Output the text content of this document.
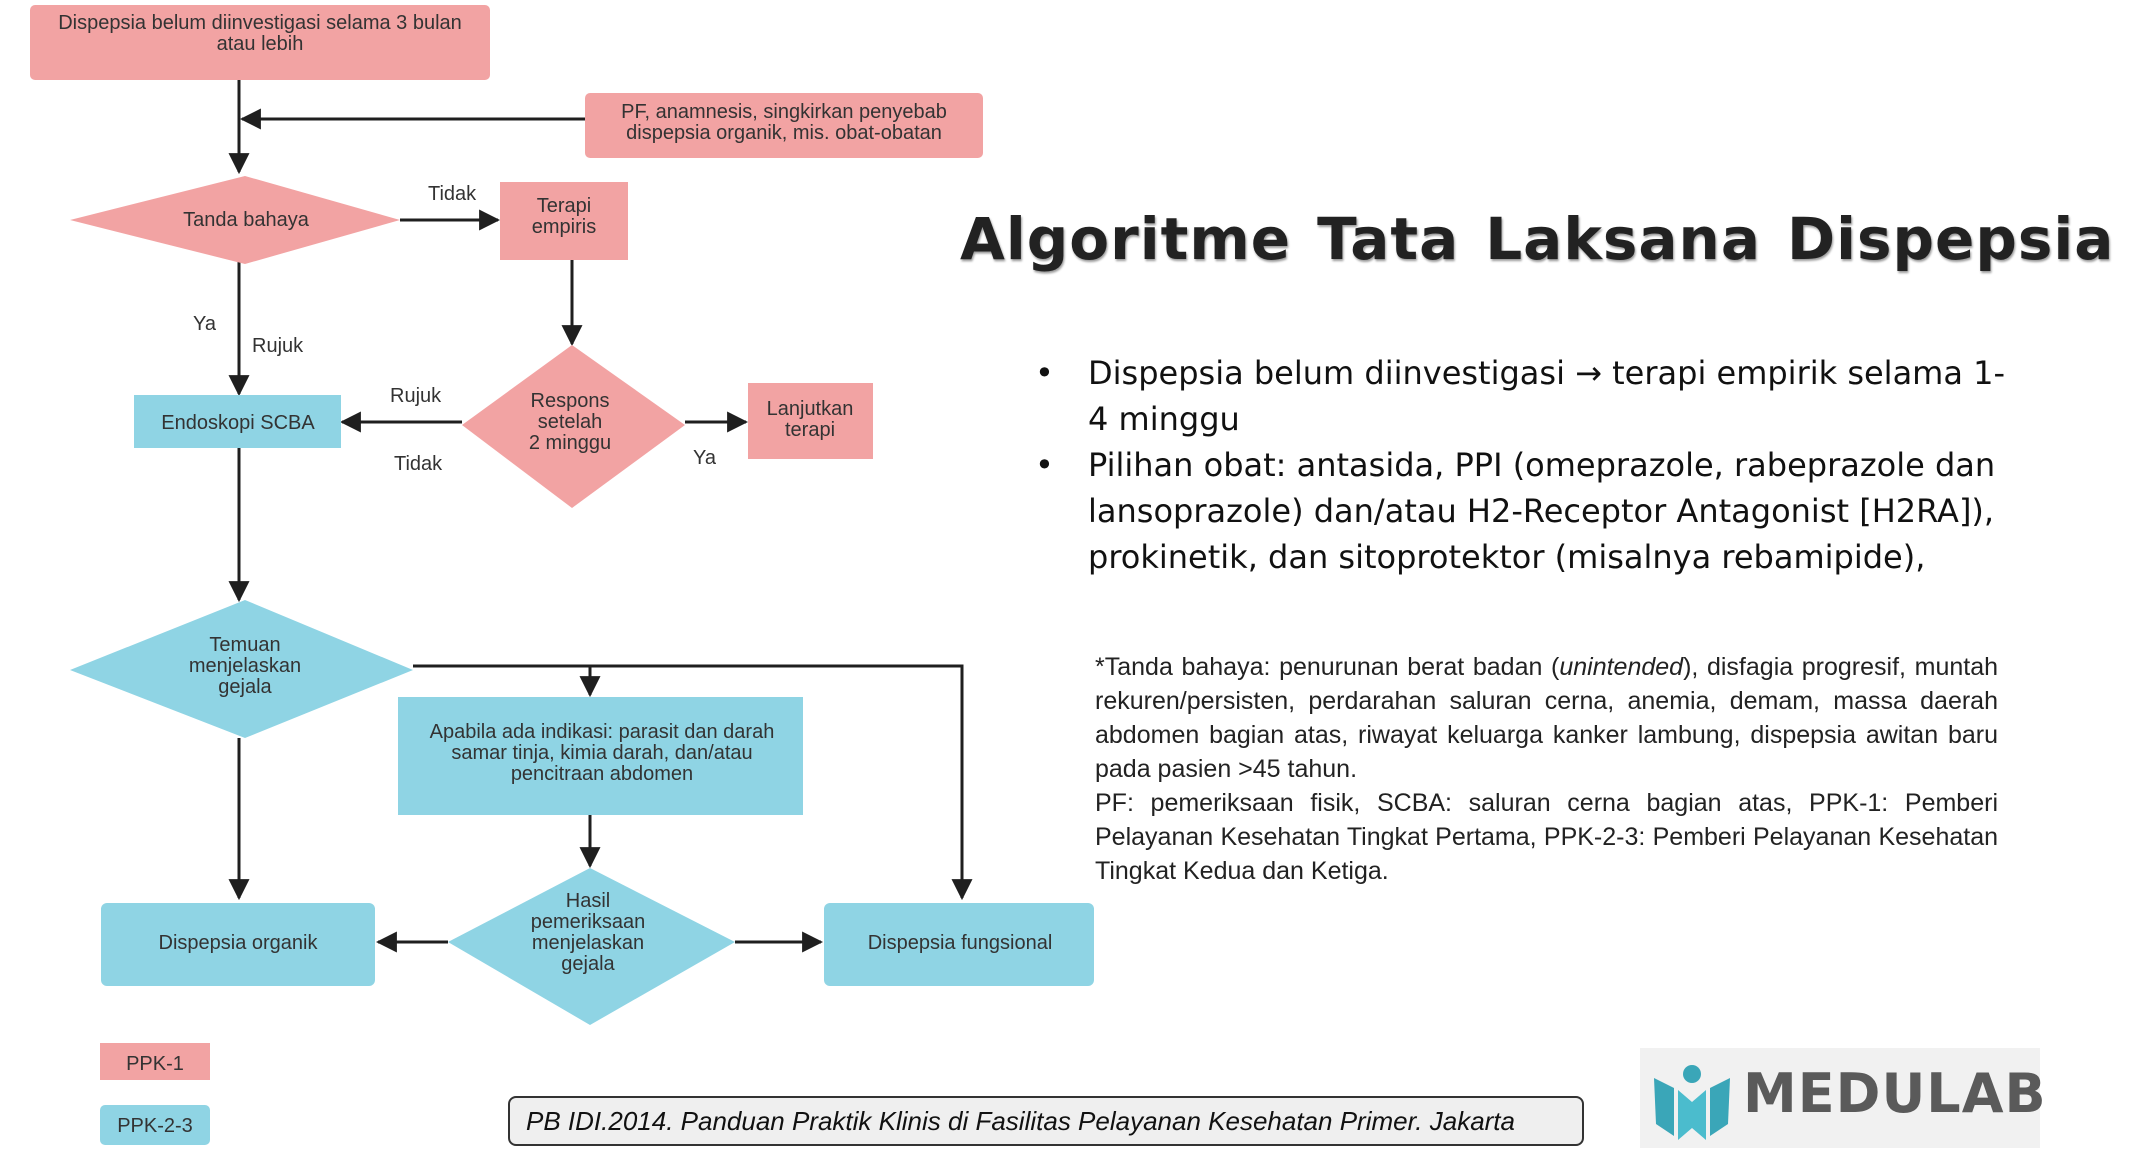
Dispepsia belum diinvestigasi selama 3 bulan atau lebih
PF, anamnesis, singkirkan penyebab dispepsia organik, mis. obat-obatan
Tanda bahaya
Terapi empiris
Respons setelah 2 minggu
Lanjutkan terapi
Endoskopi SCBA
Temuan menjelaskan gejala
Apabila ada indikasi: parasit dan darah samar tinja, kimia darah, dan/atau pencitraan abdomen
Hasil pemeriksaan menjelaskan gejala
Dispepsia organik	Dispepsia fungsional
Tidak
Ya
Rujuk
Rujuk
Tidak	Ya
PPK-1
PPK-2-3
Algoritme Tata Laksana Dispepsia
• Dispepsia belum diinvestigasi → terapi empirik selama 1-4 minggu
• Pilihan obat: antasida, PPI (omeprazole, rabeprazole dan lansoprazole) dan/atau H2-Receptor Antagonist [H2RA]), prokinetik, dan sitoprotektor (misalnya rebamipide),

*Tanda bahaya: penurunan berat badan (unintended), disfagia progresif, muntah rekuren/persisten, perdarahan saluran cerna, anemia, demam, massa daerah abdomen bagian atas, riwayat keluarga kanker lambung, dispepsia awitan baru pada pasien >45 tahun.

PF: pemeriksaan fisik, SCBA: saluran cerna bagian atas, PPK-1: Pemberi Pelayanan Kesehatan Tingkat Pertama, PPK-2-3: Pemberi Pelayanan Kesehatan Tingkat Kedua dan Ketiga.

PB IDI.2014. Panduan Praktik Klinis di Fasilitas Pelayanan Kesehatan Primer. Jakarta	MEDULAB
